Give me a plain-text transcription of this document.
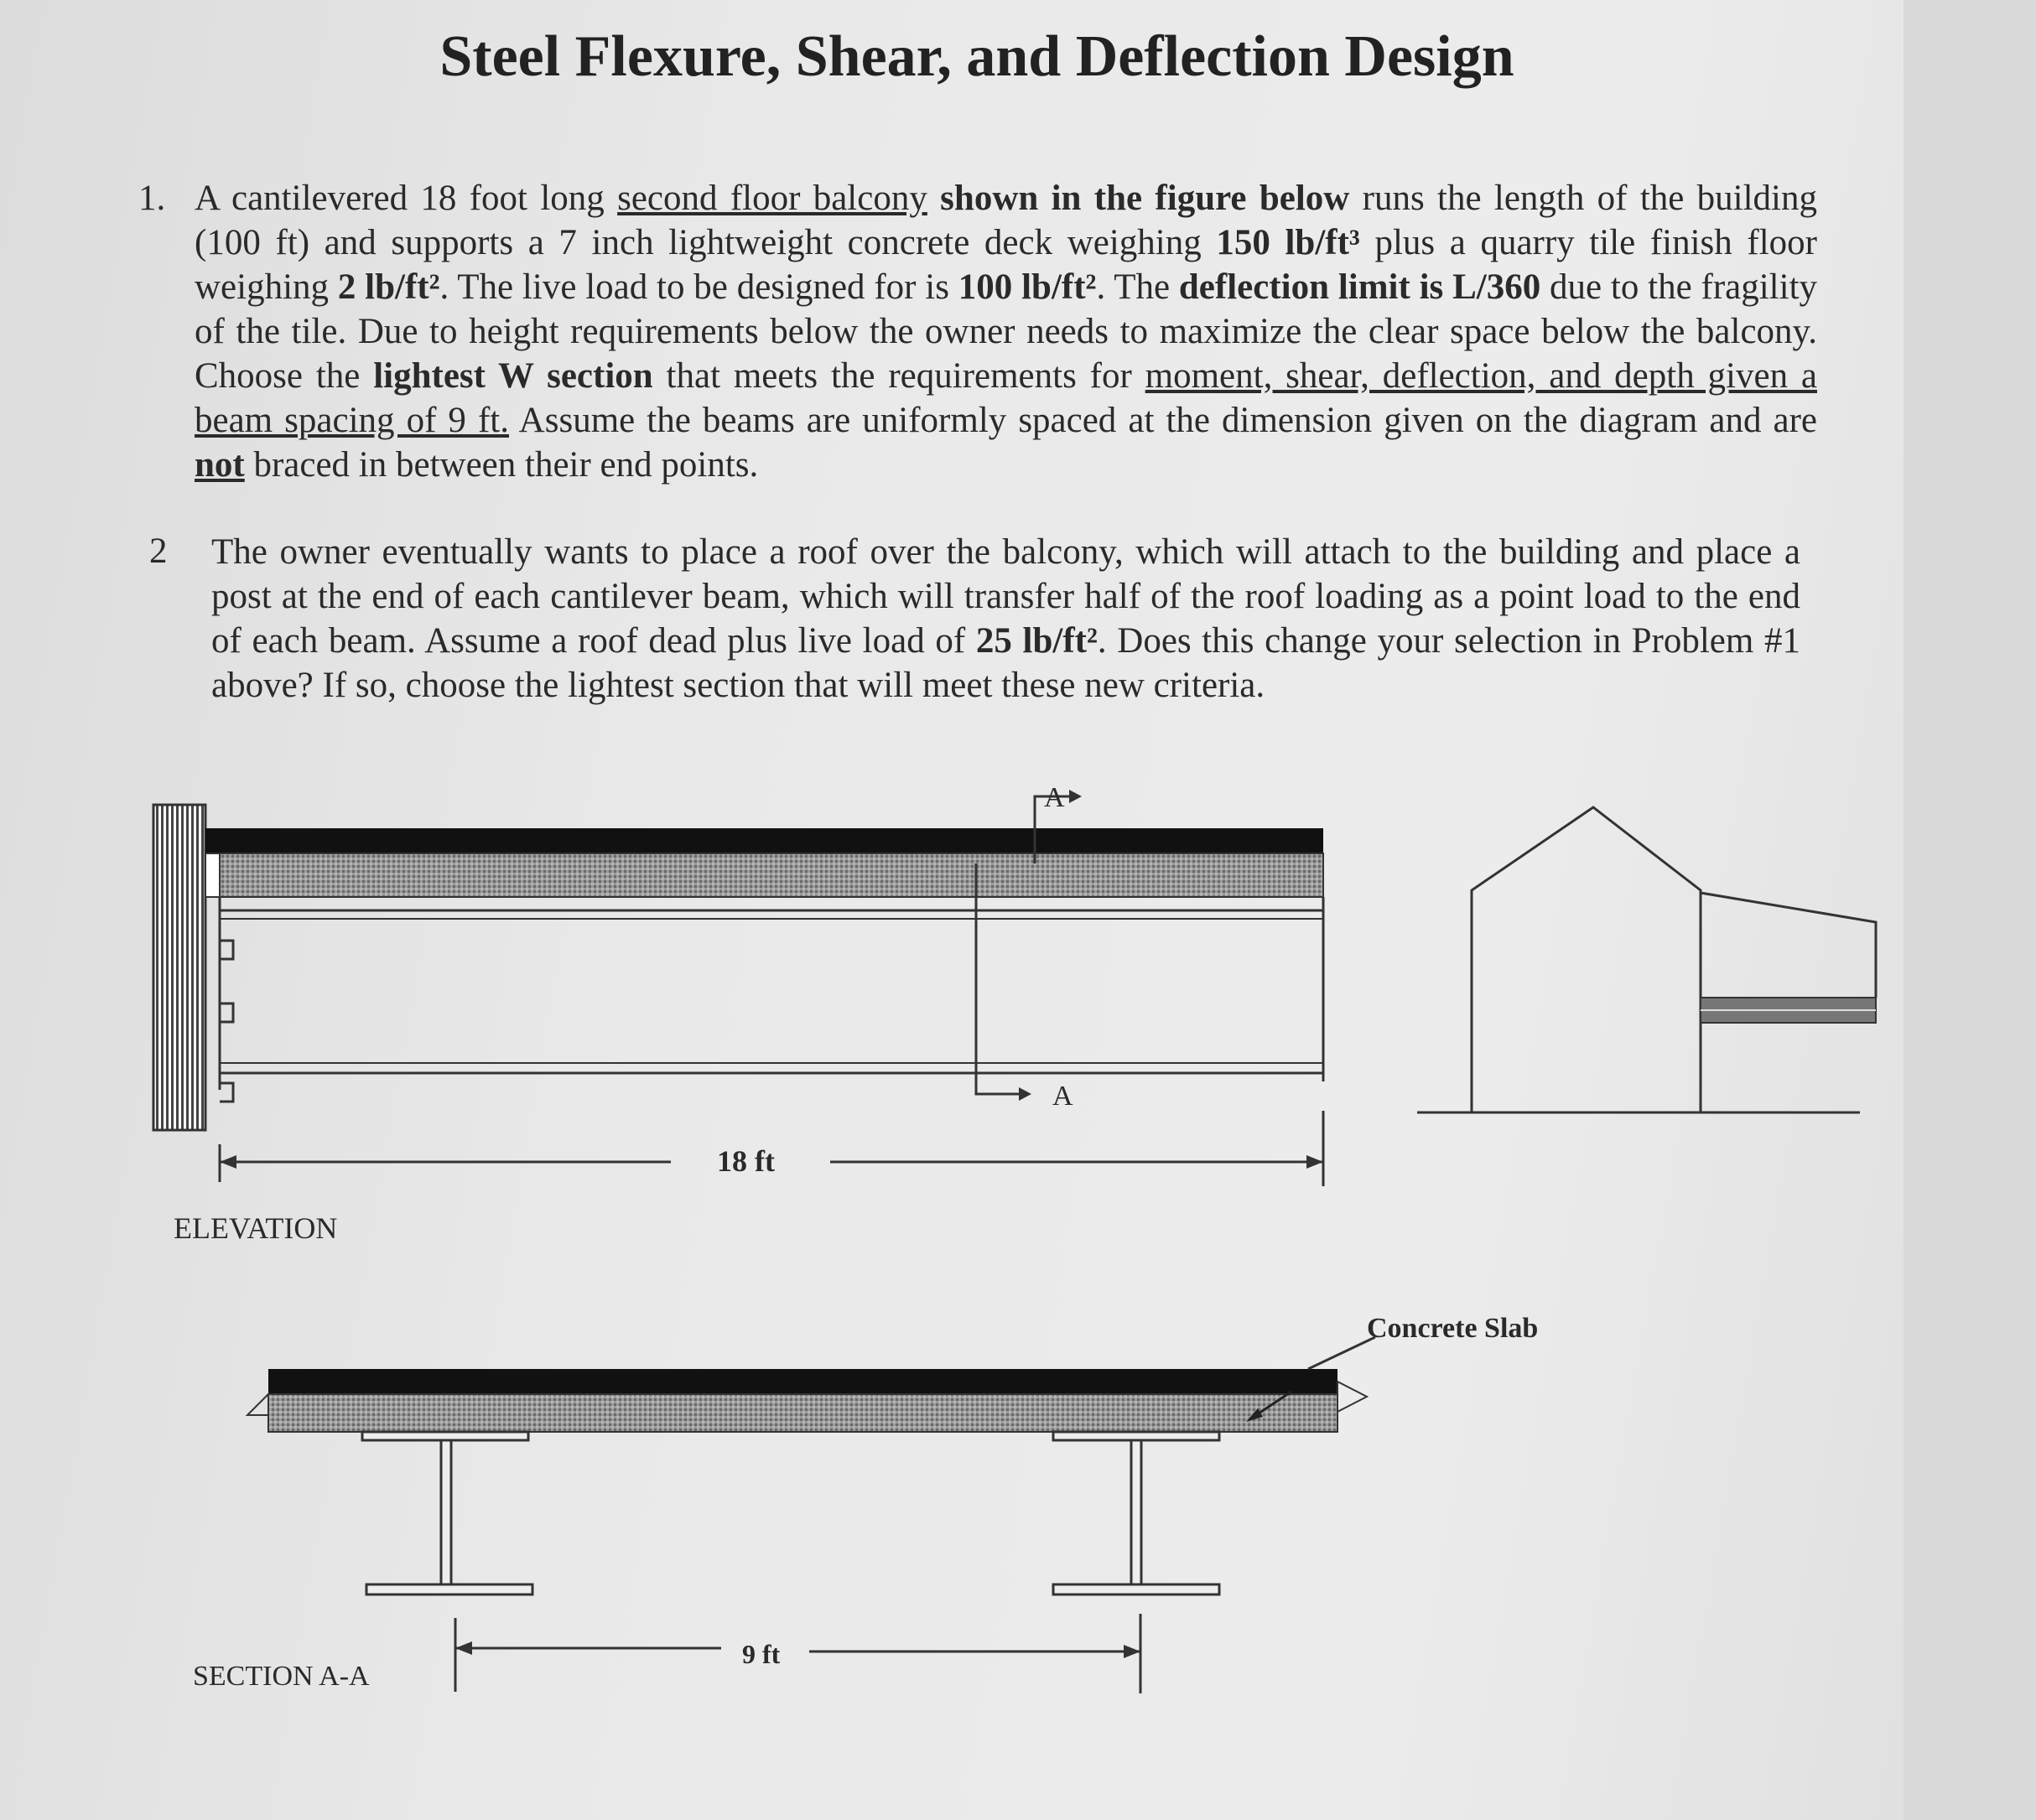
Steel Flexure, Shear, and Deflection Design
1. A cantilevered 18 foot long second floor balcony shown in the figure below runs the length of the building (100 ft) and supports a 7 inch lightweight concrete deck weighing 150 lb/ft³ plus a quarry tile finish floor weighing 2 lb/ft². The live load to be designed for is 100 lb/ft². The deflection limit is L/360 due to the fragility of the tile. Due to height requirements below the owner needs to maximize the clear space below the balcony. Choose the lightest W section that meets the requirements for moment, shear, deflection, and depth given a beam spacing of 9 ft. Assume the beams are uniformly spaced at the dimension given on the diagram and are not braced in between their end points.
2 The owner eventually wants to place a roof over the balcony, which will attach to the building and place a post at the end of each cantilever beam, which will transfer half of the roof loading as a point load to the end of each beam. Assume a roof dead plus live load of 25 lb/ft². Does this change your selection in Problem #1 above? If so, choose the lightest section that will meet these new criteria.
A
A
18 ft
ELEVATION
Concrete Slab
9 ft
SECTION A-A
